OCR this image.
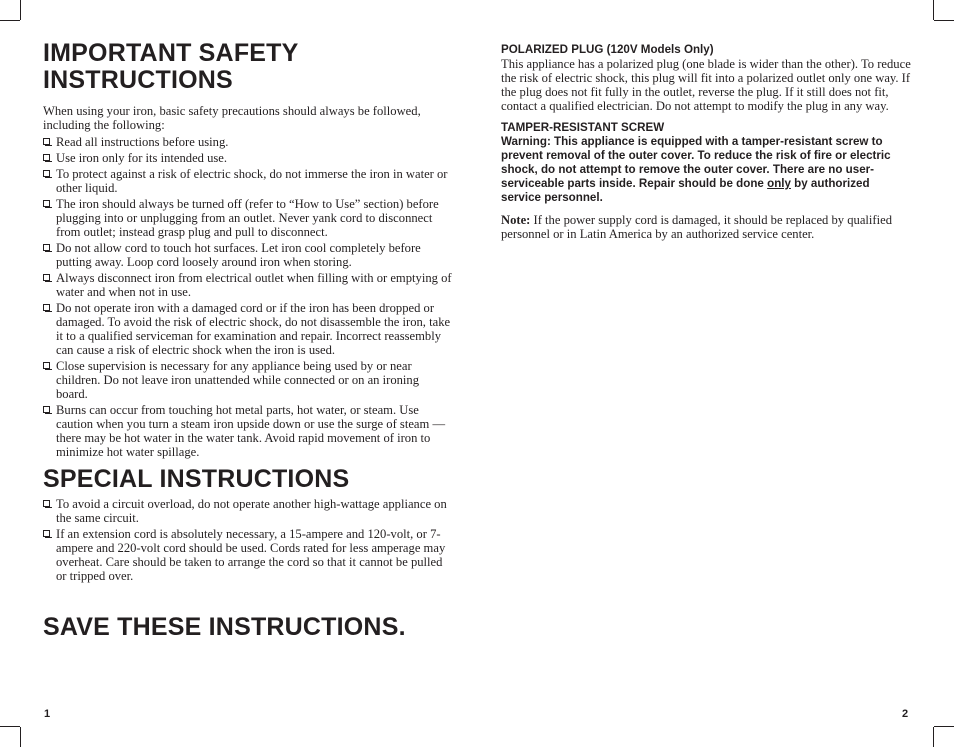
IMPORTANT SAFETY
INSTRUCTIONS
When using your iron, basic safety precautions should always be followed, including the following:
Read all instructions before using.
Use iron only for its intended use.
To protect against a risk of electric shock, do not immerse the iron in water or other liquid.
The iron should always be turned off (refer to “How to Use” section) before plugging into or unplugging from an outlet. Never yank cord to disconnect from outlet; instead grasp plug and pull to disconnect.
Do not allow cord to touch hot surfaces. Let iron cool completely before putting away. Loop cord loosely around iron when storing.
Always disconnect iron from electrical outlet when filling with or emptying of water and when not in use.
Do not operate iron with a damaged cord or if the iron has been dropped or damaged. To avoid the risk of electric shock, do not disassemble the iron, take it to a qualified serviceman for examination and repair. Incorrect reassembly can cause a risk of electric shock when the iron is used.
Close supervision is necessary for any appliance being used by or near children. Do not leave iron unattended while connected or on an ironing board.
Burns can occur from touching hot metal parts, hot water, or steam. Use caution when you turn a steam iron upside down or use the surge of steam — there may be hot water in the water tank. Avoid rapid movement of iron to minimize hot water spillage.
SPECIAL INSTRUCTIONS
To avoid a circuit overload, do not operate another high-wattage appliance on the same circuit.
If an extension cord is absolutely necessary, a 15-ampere and 120-volt, or 7-ampere and 220-volt cord should be used. Cords rated for less amperage may overheat. Care should be taken to arrange the cord so that it cannot be pulled or tripped over.
SAVE THESE INSTRUCTIONS.
POLARIZED PLUG (120V Models Only)
This appliance has a polarized plug (one blade is wider than the other). To reduce the risk of electric shock, this plug will fit into a polarized outlet only one way. If the plug does not fit fully in the outlet, reverse the plug. If it still does not fit, contact a qualified electrician. Do not attempt to modify the plug in any way.
TAMPER-RESISTANT SCREW
Warning: This appliance is equipped with a tamper-resistant screw to prevent removal of the outer cover. To reduce the risk of fire or electric shock, do not attempt to remove the outer cover. There are no user-serviceable parts inside. Repair should be done only by authorized service personnel.
Note: If the power supply cord is damaged, it should be replaced by qualified personnel or in Latin America by an authorized service center.
1	2
